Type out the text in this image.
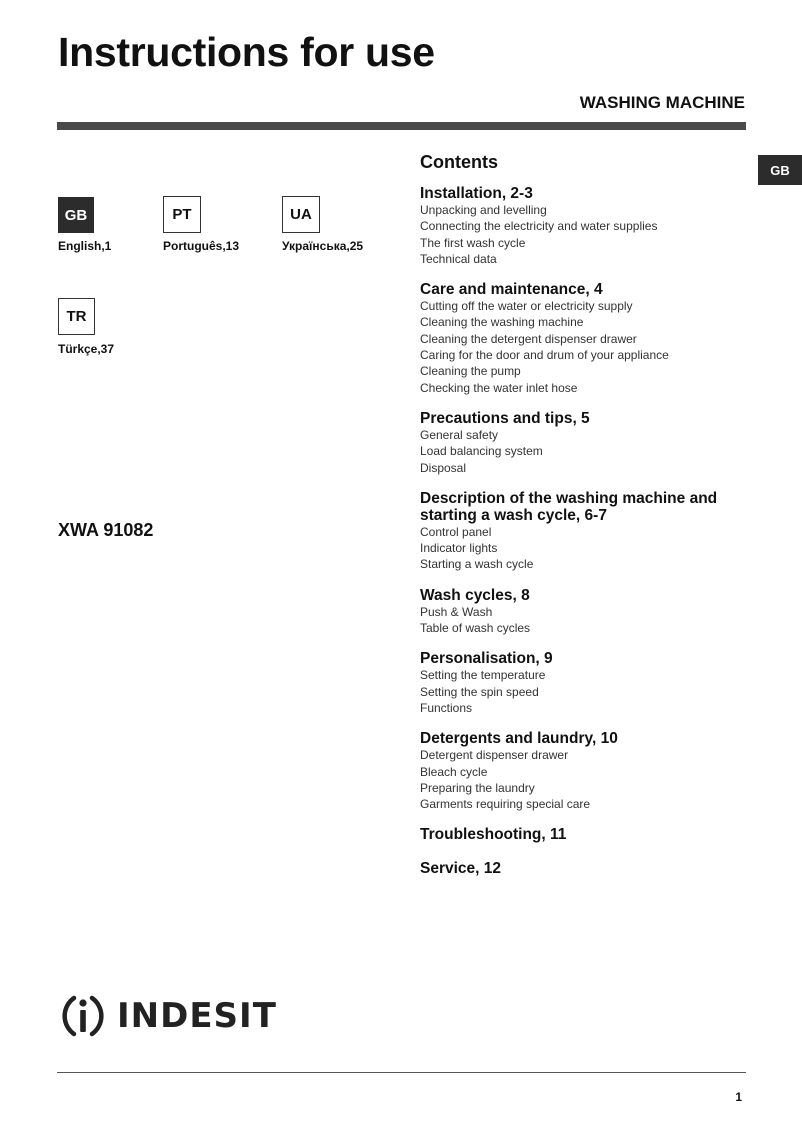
Instructions for use
WASHING MACHINE
GB
GB
English,1
PT
Português,13
UA
Українська,25
TR
Türkçe,37
XWA 91082
Contents
Installation, 2-3
Unpacking and levelling
Connecting the electricity and water supplies
The first wash cycle
Technical data
Care and maintenance, 4
Cutting off the water or electricity supply
Cleaning the washing machine
Cleaning the detergent dispenser drawer
Caring for the door and drum of your appliance
Cleaning the pump
Checking the water inlet hose
Precautions and tips, 5
General safety
Load balancing system
Disposal
Description of the washing machine and starting a wash cycle, 6-7
Control panel
Indicator lights
Starting a wash cycle
Wash cycles, 8
Push & Wash
Table of wash cycles
Personalisation, 9
Setting the temperature
Setting the spin speed
Functions
Detergents and laundry, 10
Detergent dispenser drawer
Bleach cycle
Preparing the laundry
Garments requiring special care
Troubleshooting, 11
Service, 12
INDESIT
1
